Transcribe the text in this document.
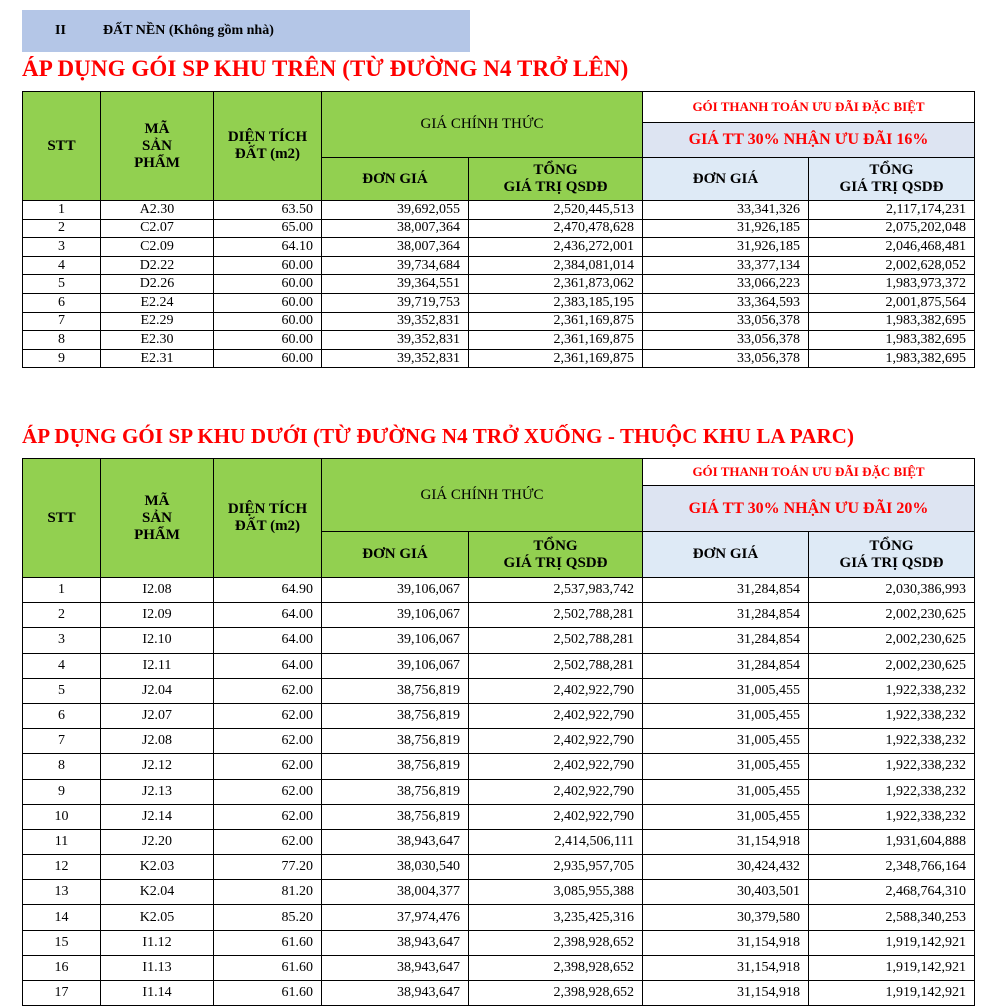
II	ĐẤT NỀN (Không gồm nhà)
ÁP DỤNG GÓI SP KHU TRÊN (TỪ ĐƯỜNG N4 TRỞ LÊN)
STT	MÃ
SẢN
PHẨM	DIỆN TÍCH
ĐẤT (m2)	GIÁ CHÍNH THỨC		GÓI THANH TOÁN ƯU ĐÃI ĐẶC BIỆT	
					GIÁ TT 30% NHẬN ƯU ĐÃI 16%	
			ĐƠN GIÁ	TỔNG
GIÁ TRỊ QSDĐ	ĐƠN GIÁ	TỔNG
GIÁ TRỊ QSDĐ
1	A2.30	63.50	39,692,055	2,520,445,513	33,341,326	2,117,174,231
2	C2.07	65.00	38,007,364	2,470,478,628	31,926,185	2,075,202,048
3	C2.09	64.10	38,007,364	2,436,272,001	31,926,185	2,046,468,481
4	D2.22	60.00	39,734,684	2,384,081,014	33,377,134	2,002,628,052
5	D2.26	60.00	39,364,551	2,361,873,062	33,066,223	1,983,973,372
6	E2.24	60.00	39,719,753	2,383,185,195	33,364,593	2,001,875,564
7	E2.29	60.00	39,352,831	2,361,169,875	33,056,378	1,983,382,695
8	E2.30	60.00	39,352,831	2,361,169,875	33,056,378	1,983,382,695
9	E2.31	60.00	39,352,831	2,361,169,875	33,056,378	1,983,382,695
ÁP DỤNG GÓI SP KHU DƯỚI (TỪ ĐƯỜNG N4 TRỞ XUỐNG - THUỘC KHU LA PARC)
STT	MÃ
SẢN
PHẨM	DIỆN TÍCH
ĐẤT (m2)	GIÁ CHÍNH THỨC		GÓI THANH TOÁN ƯU ĐÃI ĐẶC BIỆT	
					GIÁ TT 30% NHẬN ƯU ĐÃI 20%	
			ĐƠN GIÁ	TỔNG
GIÁ TRỊ QSDĐ	ĐƠN GIÁ	TỔNG
GIÁ TRỊ QSDĐ
1	I2.08	64.90	39,106,067	2,537,983,742	31,284,854	2,030,386,993
2	I2.09	64.00	39,106,067	2,502,788,281	31,284,854	2,002,230,625
3	I2.10	64.00	39,106,067	2,502,788,281	31,284,854	2,002,230,625
4	I2.11	64.00	39,106,067	2,502,788,281	31,284,854	2,002,230,625
5	J2.04	62.00	38,756,819	2,402,922,790	31,005,455	1,922,338,232
6	J2.07	62.00	38,756,819	2,402,922,790	31,005,455	1,922,338,232
7	J2.08	62.00	38,756,819	2,402,922,790	31,005,455	1,922,338,232
8	J2.12	62.00	38,756,819	2,402,922,790	31,005,455	1,922,338,232
9	J2.13	62.00	38,756,819	2,402,922,790	31,005,455	1,922,338,232
10	J2.14	62.00	38,756,819	2,402,922,790	31,005,455	1,922,338,232
11	J2.20	62.00	38,943,647	2,414,506,111	31,154,918	1,931,604,888
12	K2.03	77.20	38,030,540	2,935,957,705	30,424,432	2,348,766,164
13	K2.04	81.20	38,004,377	3,085,955,388	30,403,501	2,468,764,310
14	K2.05	85.20	37,974,476	3,235,425,316	30,379,580	2,588,340,253
15	I1.12	61.60	38,943,647	2,398,928,652	31,154,918	1,919,142,921
16	I1.13	61.60	38,943,647	2,398,928,652	31,154,918	1,919,142,921
17	I1.14	61.60	38,943,647	2,398,928,652	31,154,918	1,919,142,921
